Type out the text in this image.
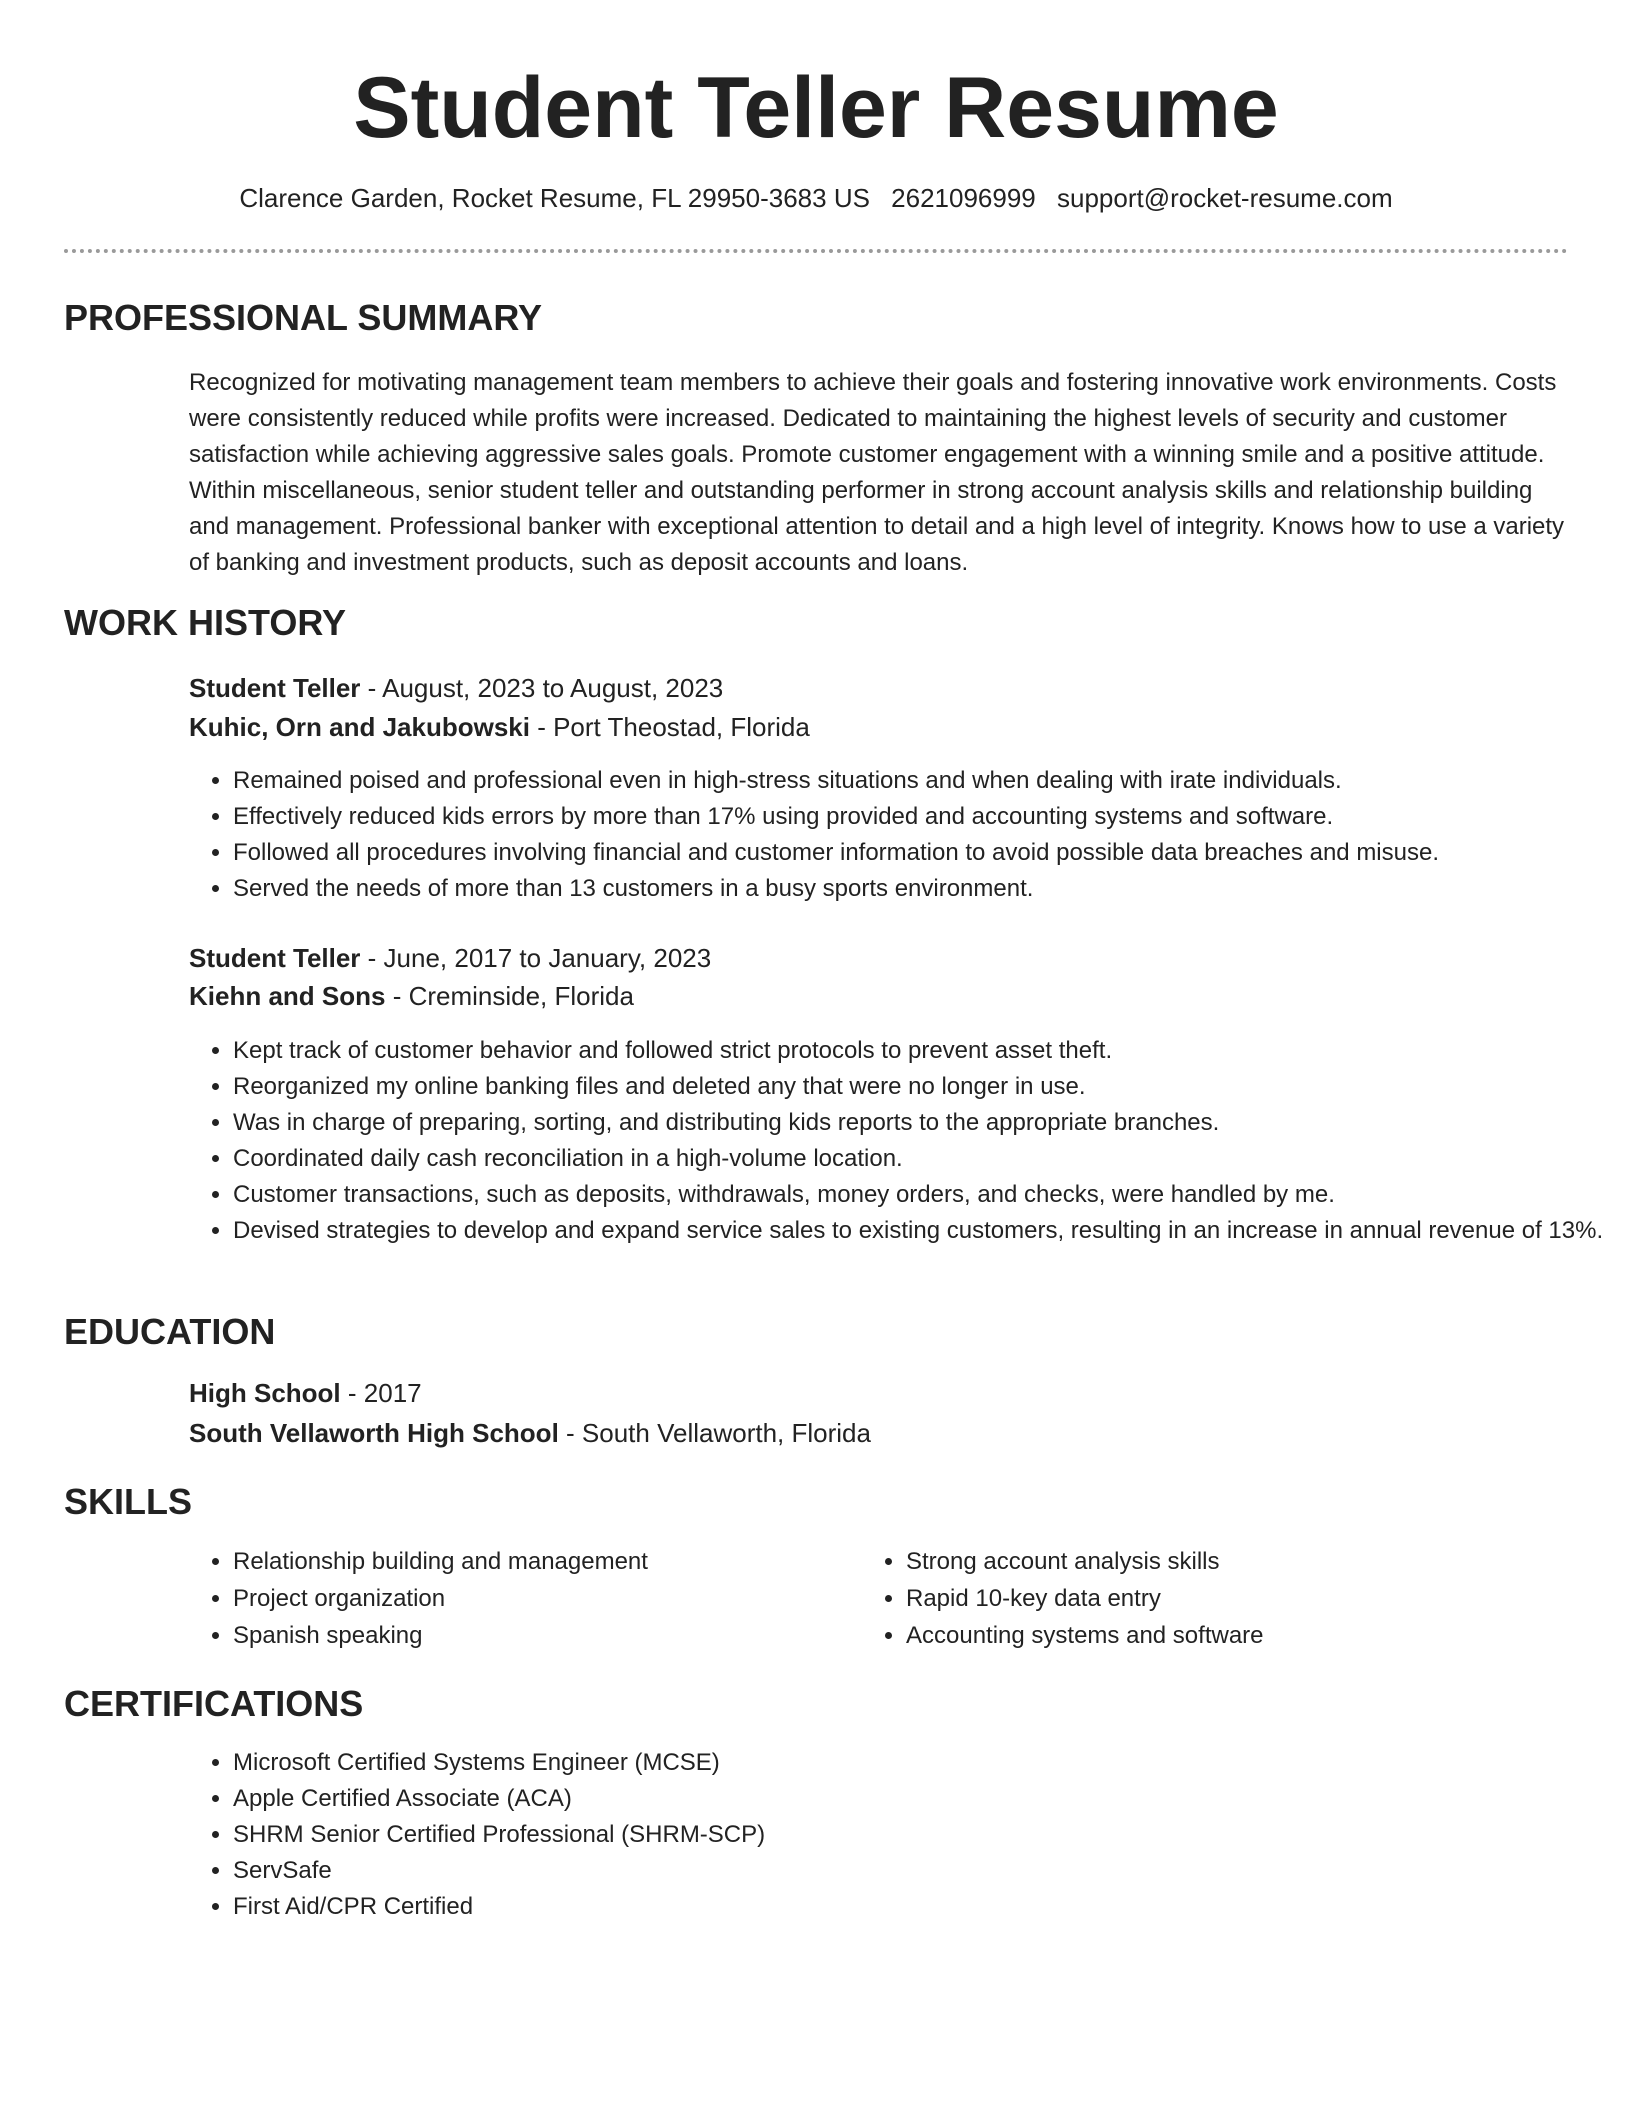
Student Teller Resume
Clarence Garden, Rocket Resume, FL 29950-3683 US 2621096999 support@rocket-resume.com
PROFESSIONAL SUMMARY

Recognized for motivating management team members to achieve their goals and fostering innovative work environments. Costs were consistently reduced while profits were increased. Dedicated to maintaining the highest levels of security and customer satisfaction while achieving aggressive sales goals. Promote customer engagement with a winning smile and a positive attitude. Within miscellaneous, senior student teller and outstanding performer in strong account analysis skills and relationship building and management. Professional banker with exceptional attention to detail and a high level of integrity. Knows how to use a variety of banking and investment products, such as deposit accounts and loans.

WORK HISTORY
Student Teller - August, 2023 to August, 2023
Kuhic, Orn and Jakubowski - Port Theostad, Florida
• Remained poised and professional even in high-stress situations and when dealing with irate individuals.
• Effectively reduced kids errors by more than 17% using provided and accounting systems and software.
• Followed all procedures involving financial and customer information to avoid possible data breaches and misuse.
• Served the needs of more than 13 customers in a busy sports environment.
Student Teller - June, 2017 to January, 2023
Kiehn and Sons - Creminside, Florida
• Kept track of customer behavior and followed strict protocols to prevent asset theft.
• Reorganized my online banking files and deleted any that were no longer in use.
• Was in charge of preparing, sorting, and distributing kids reports to the appropriate branches.
• Coordinated daily cash reconciliation in a high-volume location.
• Customer transactions, such as deposits, withdrawals, money orders, and checks, were handled by me.
• Devised strategies to develop and expand service sales to existing customers, resulting in an increase in annual revenue of 13%.
EDUCATION
High School - 2017
South Vellaworth High School - South Vellaworth, Florida
SKILLS
• Relationship building and management
• Project organization
• Spanish speaking
• Strong account analysis skills
• Rapid 10-key data entry
• Accounting systems and software
CERTIFICATIONS
• Microsoft Certified Systems Engineer (MCSE)
• Apple Certified Associate (ACA)
• SHRM Senior Certified Professional (SHRM-SCP)
• ServSafe
• First Aid/CPR Certified
